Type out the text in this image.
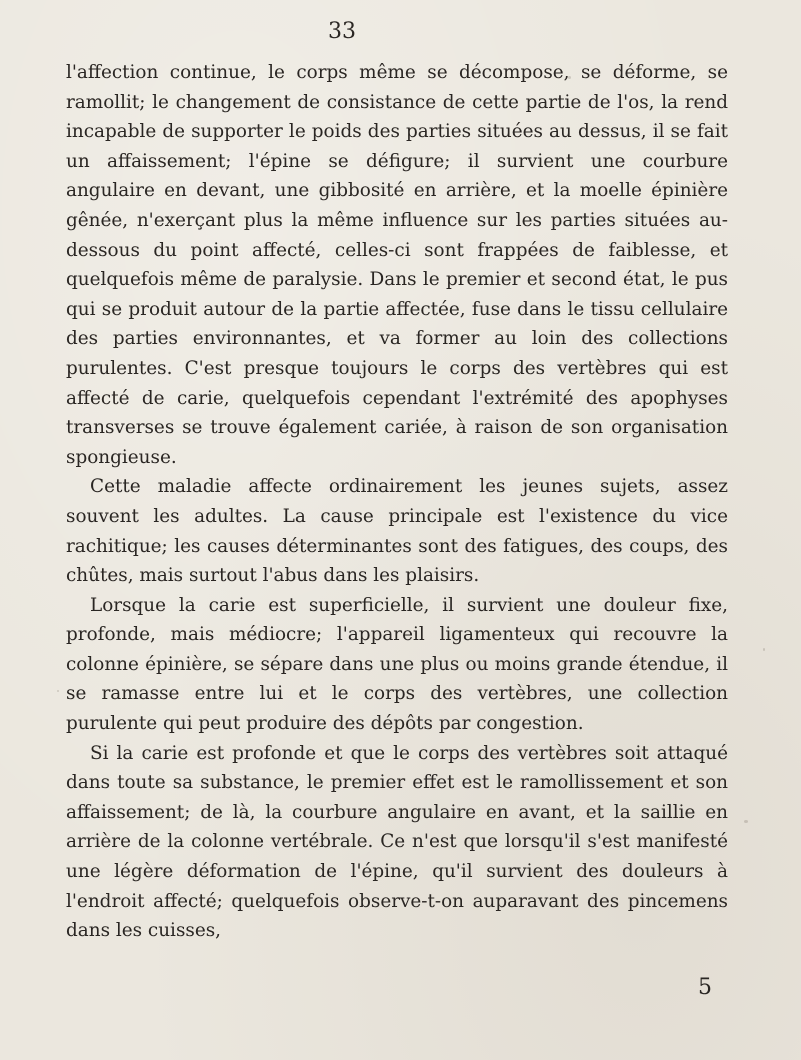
33

l'affection continue, le corps même se décompose, se déforme, se ramollit; le changement de consistance de cette partie de l'os, la rend incapable de supporter le poids des parties situées au dessus, il se fait un affaissement; l'épine se défigure; il survient une courbure angulaire en devant, une gibbosité en arrière, et la moelle épinière gênée, n'exerçant plus la même influence sur les parties situées au-dessous du point affecté, celles-ci sont frappées de faiblesse, et quelquefois même de paralysie. Dans le premier et second état, le pus qui se produit autour de la partie affectée, fuse dans le tissu cellulaire des parties environnantes, et va former au loin des collections purulentes. C'est presque toujours le corps des vertèbres qui est affecté de carie, quelquefois cependant l'extrémité des apophyses transverses se trouve également cariée, à raison de son organisation spongieuse.

Cette maladie affecte ordinairement les jeunes sujets, assez souvent les adultes. La cause principale est l'existence du vice rachitique; les causes déterminantes sont des fatigues, des coups, des chûtes, mais surtout l'abus dans les plaisirs.

Lorsque la carie est superficielle, il survient une douleur fixe, profonde, mais médiocre; l'appareil ligamenteux qui recouvre la colonne épinière, se sépare dans une plus ou moins grande étendue, il se ramasse entre lui et le corps des vertèbres, une collection purulente qui peut produire des dépôts par congestion.

Si la carie est profonde et que le corps des vertèbres soit attaqué dans toute sa substance, le premier effet est le ramollissement et son affaissement; de là, la courbure angulaire en avant, et la saillie en arrière de la colonne vertébrale. Ce n'est que lorsqu'il s'est manifesté une légère déformation de l'épine, qu'il survient des douleurs à l'endroit affecté; quelquefois observe-t-on auparavant des pincemens dans les cuisses,

5
